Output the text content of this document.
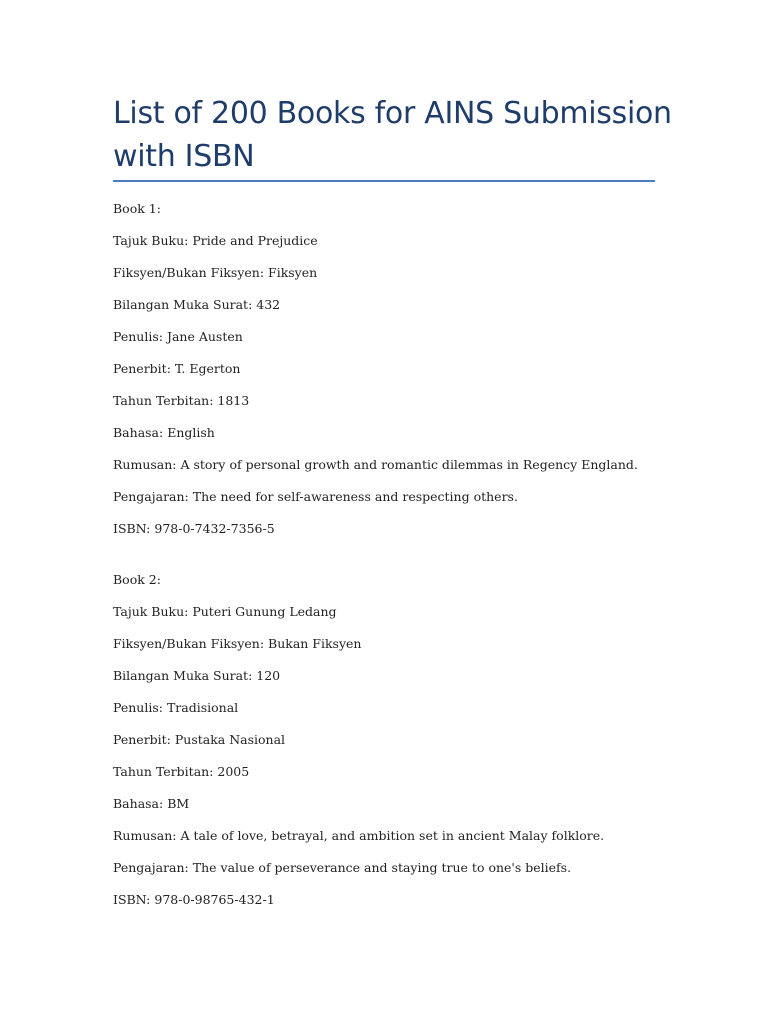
List of 200 Books for AINS Submission with ISBN
Book 1:
Tajuk Buku: Pride and Prejudice
Fiksyen/Bukan Fiksyen: Fiksyen
Bilangan Muka Surat: 432
Penulis: Jane Austen
Penerbit: T. Egerton
Tahun Terbitan: 1813
Bahasa: English
Rumusan: A story of personal growth and romantic dilemmas in Regency England.
Pengajaran: The need for self-awareness and respecting others.
ISBN: 978-0-7432-7356-5
Book 2:
Tajuk Buku: Puteri Gunung Ledang
Fiksyen/Bukan Fiksyen: Bukan Fiksyen
Bilangan Muka Surat: 120
Penulis: Tradisional
Penerbit: Pustaka Nasional
Tahun Terbitan: 2005
Bahasa: BM
Rumusan: A tale of love, betrayal, and ambition set in ancient Malay folklore.
Pengajaran: The value of perseverance and staying true to one's beliefs.
ISBN: 978-0-98765-432-1
